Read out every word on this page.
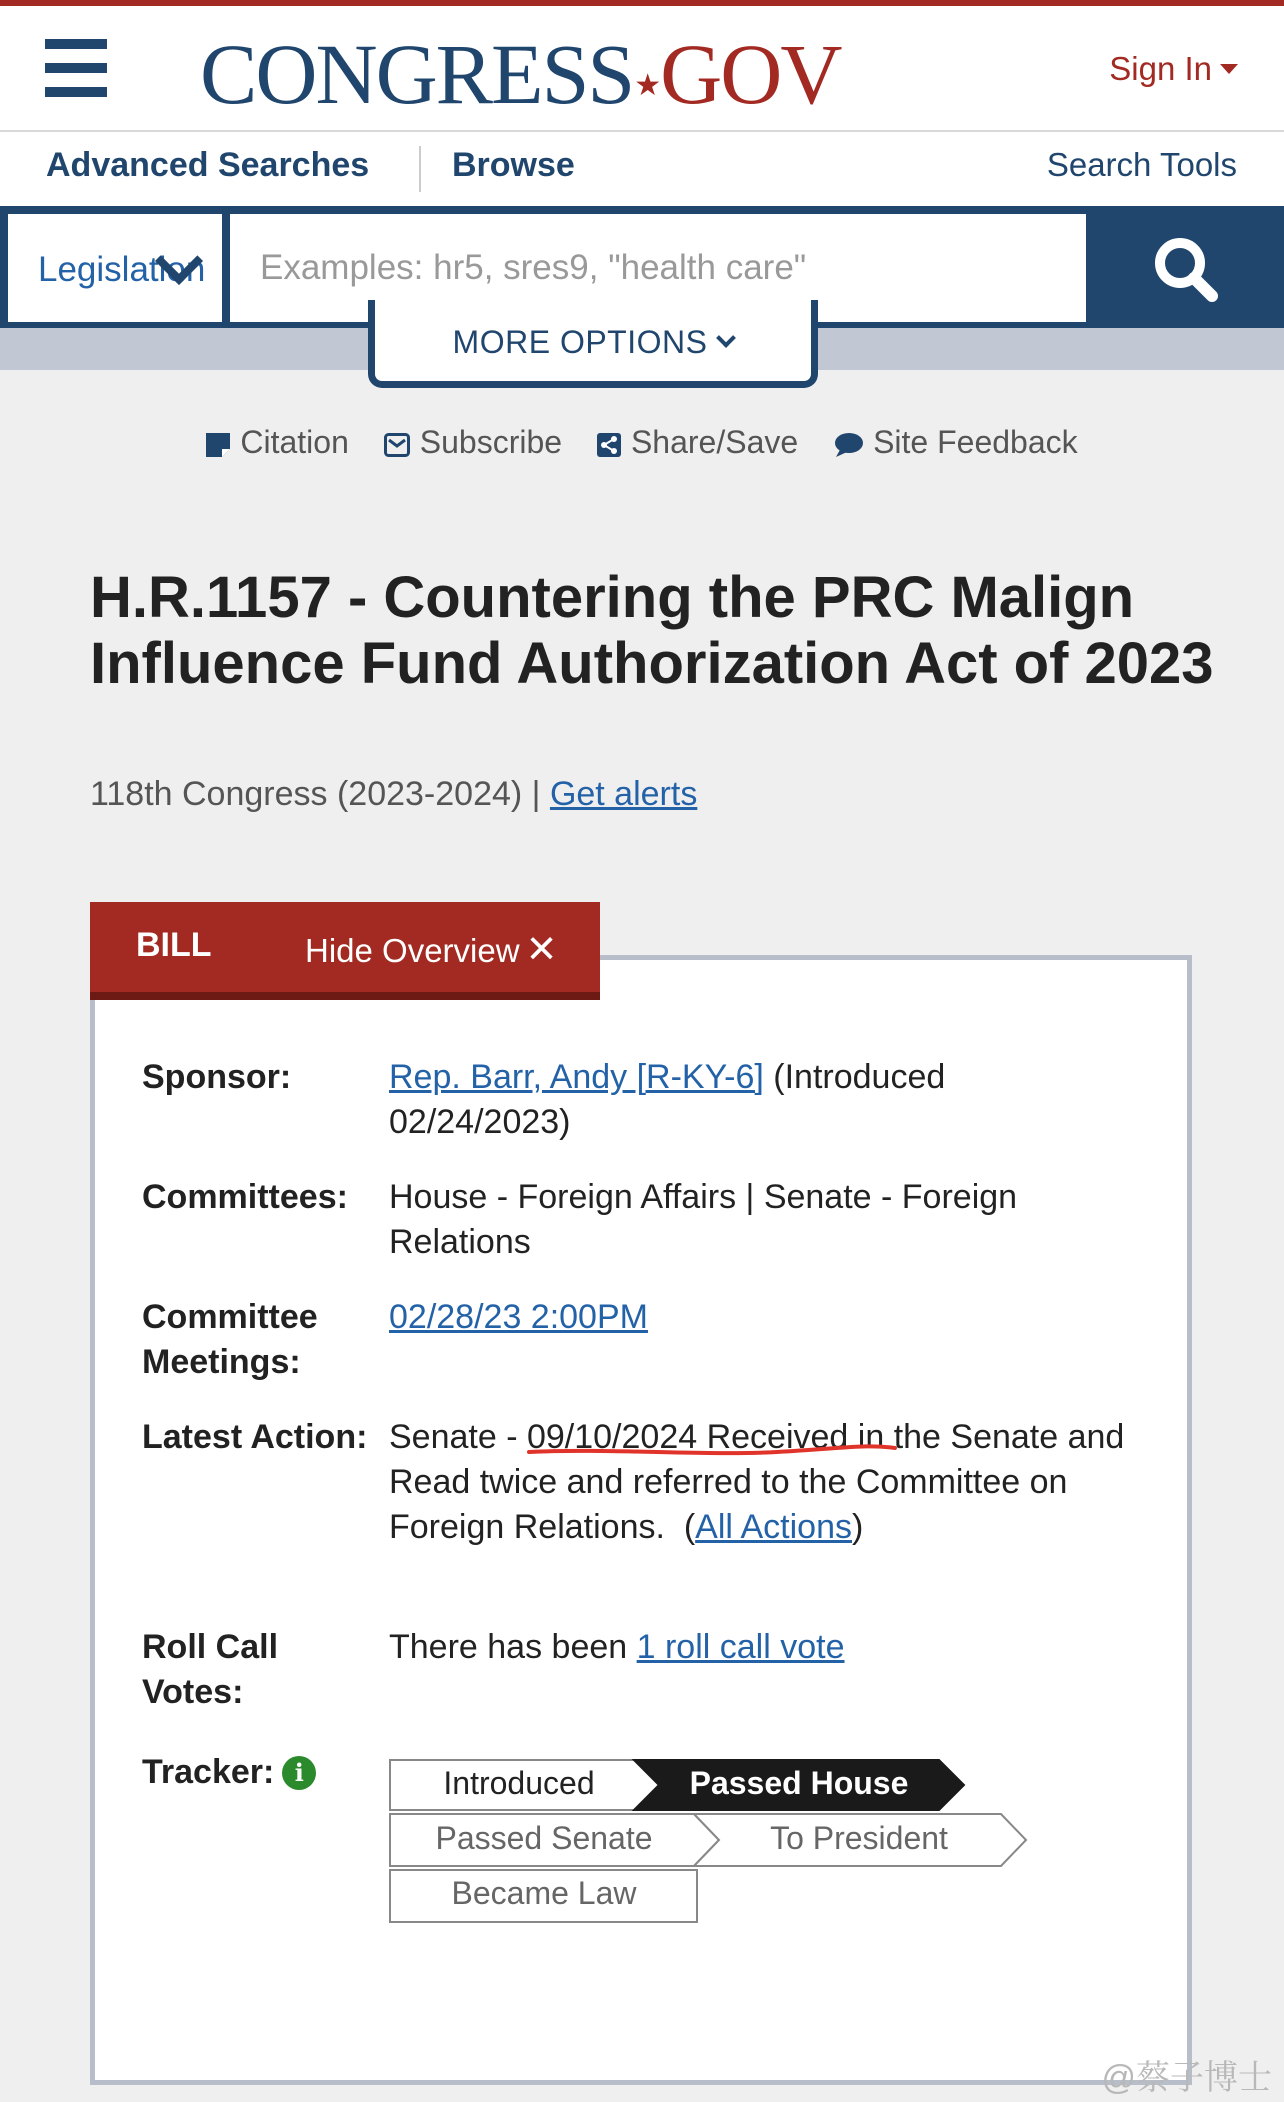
CONGRESS★GOV	Sign In
Advanced Searches Browse	Search Tools
Legislation
Examples: hr5, sres9, "health care"
MORE OPTIONS
Citation Subscribe Share/Save Site Feedback
H.R.1157 - Countering the PRC Malign Influence Fund Authorization Act of 2023
118th Congress (2023-2024) | Get alerts
BILL	Hide Overview ✕
Sponsor:	Rep. Barr, Andy [R-KY-6] (Introduced 02/24/2023)
Committees:	House - Foreign Affairs | Senate - Foreign Relations
Committee Meetings:
02/28/23 2:00PM
Latest Action: Senate - 09/10/2024 Received in the Senate and Read twice and referred to the Committee on Foreign Relations.  (All Actions)
Roll Call Votes:
There has been 1 roll call vote
Tracker: i	Introduced	Passed House
Passed Senate	To President
Became Law
@蔡子博士
